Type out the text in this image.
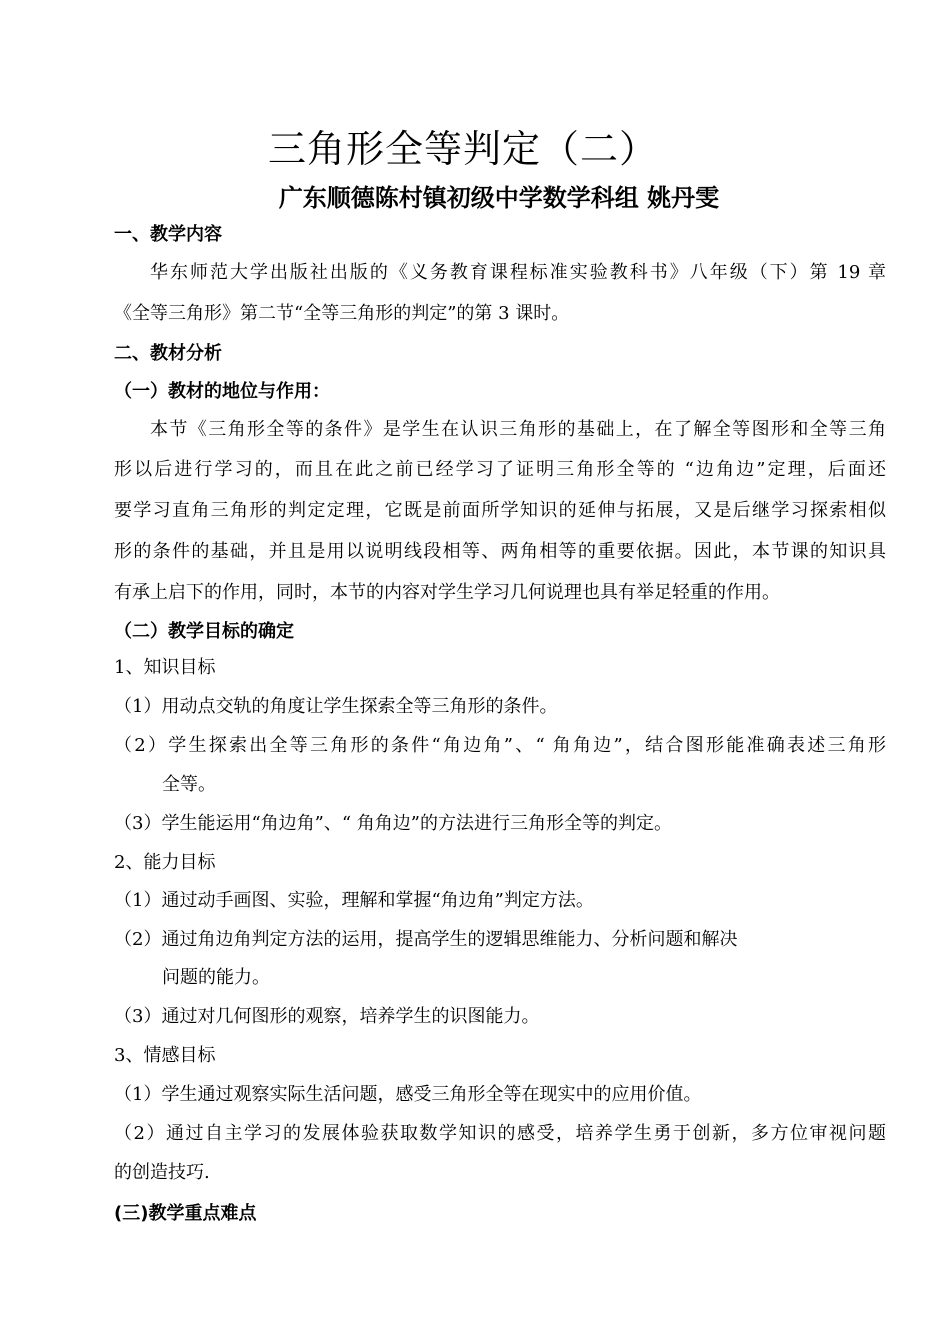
三角形全等判定（二）
广东顺德陈村镇初级中学数学科组 姚丹雯
一、教学内容
华东师范大学出版社出版的《义务教育课程标准实验教科书》八年级（下）第 19 章
《全等三角形》第二节“全等三角形的判定”的第 3 课时。
二、教材分析
（一）教材的地位与作用：
本节《三角形全等的条件》是学生在认识三角形的基础上，在了解全等图形和全等三角
形以后进行学习的，而且在此之前已经学习了证明三角形全等的 “边角边”定理，后面还
要学习直角三角形的判定定理，它既是前面所学知识的延伸与拓展，又是后继学习探索相似
形的条件的基础，并且是用以说明线段相等、两角相等的重要依据。因此，本节课的知识具
有承上启下的作用，同时，本节的内容对学生学习几何说理也具有举足轻重的作用。
（二）教学目标的确定
1、知识目标
（1）用动点交轨的角度让学生探索全等三角形的条件。
（2）学生探索出全等三角形的条件“角边角”、“ 角角边”，结合图形能准确表述三角形
全等。
（3）学生能运用“角边角”、“ 角角边”的方法进行三角形全等的判定。
2、能力目标
（1）通过动手画图、实验，理解和掌握“角边角”判定方法。
（2）通过角边角判定方法的运用，提高学生的逻辑思维能力、分析问题和解决
问题的能力。
（3）通过对几何图形的观察，培养学生的识图能力。
3、情感目标
（1）学生通过观察实际生活问题，感受三角形全等在现实中的应用价值。
（2）通过自主学习的发展体验获取数学知识的感受，培养学生勇于创新，多方位审视问题
的创造技巧.
(三)教学重点难点
